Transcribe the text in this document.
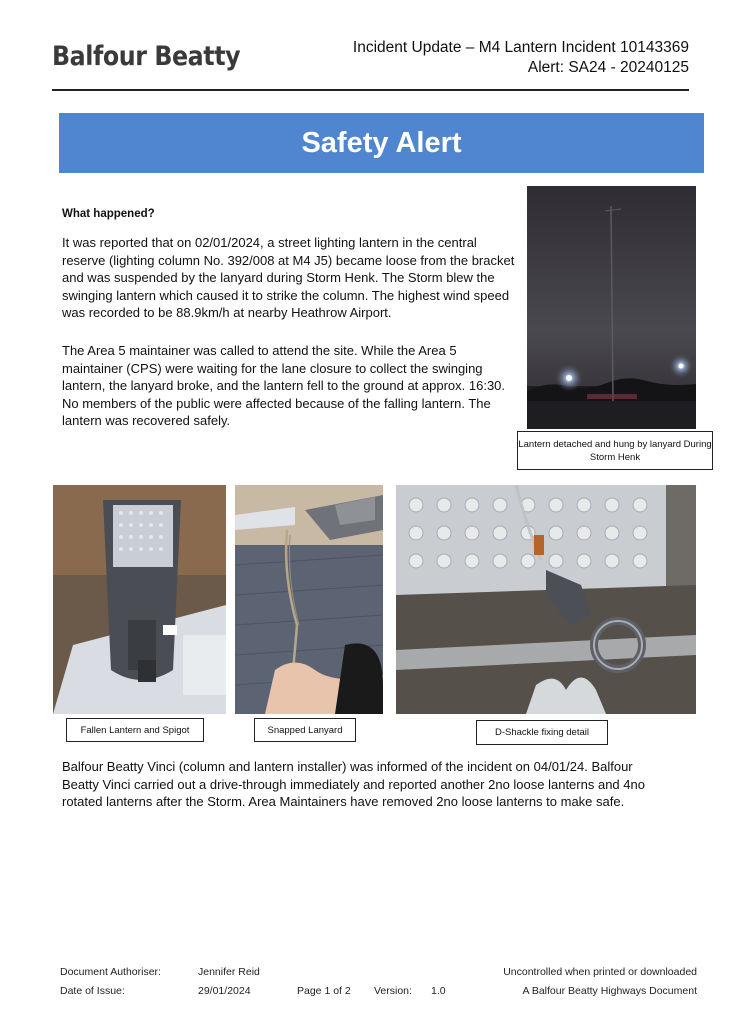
Balfour Beatty	Incident Update – M4 Lantern Incident 10143369
Alert: SA24 - 20240125
Safety Alert
What happened?
It was reported that on 02/01/2024, a street lighting lantern in the central reserve (lighting column No. 392/008 at M4 J5) became loose from the bracket and was suspended by the lanyard during Storm Henk. The Storm blew the swinging lantern which caused it to strike the column. The highest wind speed was recorded to be 88.9km/h at nearby Heathrow Airport.
The Area 5 maintainer was called to attend the site. While the Area 5 maintainer (CPS) were waiting for the lane closure to collect the swinging lantern, the lanyard broke, and the lantern fell to the ground at approx. 16:30. No members of the public were affected because of the falling lantern. The lantern was recovered safely.
Lantern detached and hung by lanyard During Storm Henk
Fallen Lantern and Spigot	Snapped Lanyard	D-Shackle fixing detail
Balfour Beatty Vinci (column and lantern installer) was informed of the incident on 04/01/24. Balfour Beatty Vinci carried out a drive-through immediately and reported another 2no loose lanterns and 4no rotated lanterns after the Storm. Area Maintainers have removed 2no loose lanterns to make safe.
Document Authoriser:	Jennifer Reid	Uncontrolled when printed or downloaded
Date of Issue:	29/01/2024	Page 1 of 2 Version: 1.0	A Balfour Beatty Highways Document
